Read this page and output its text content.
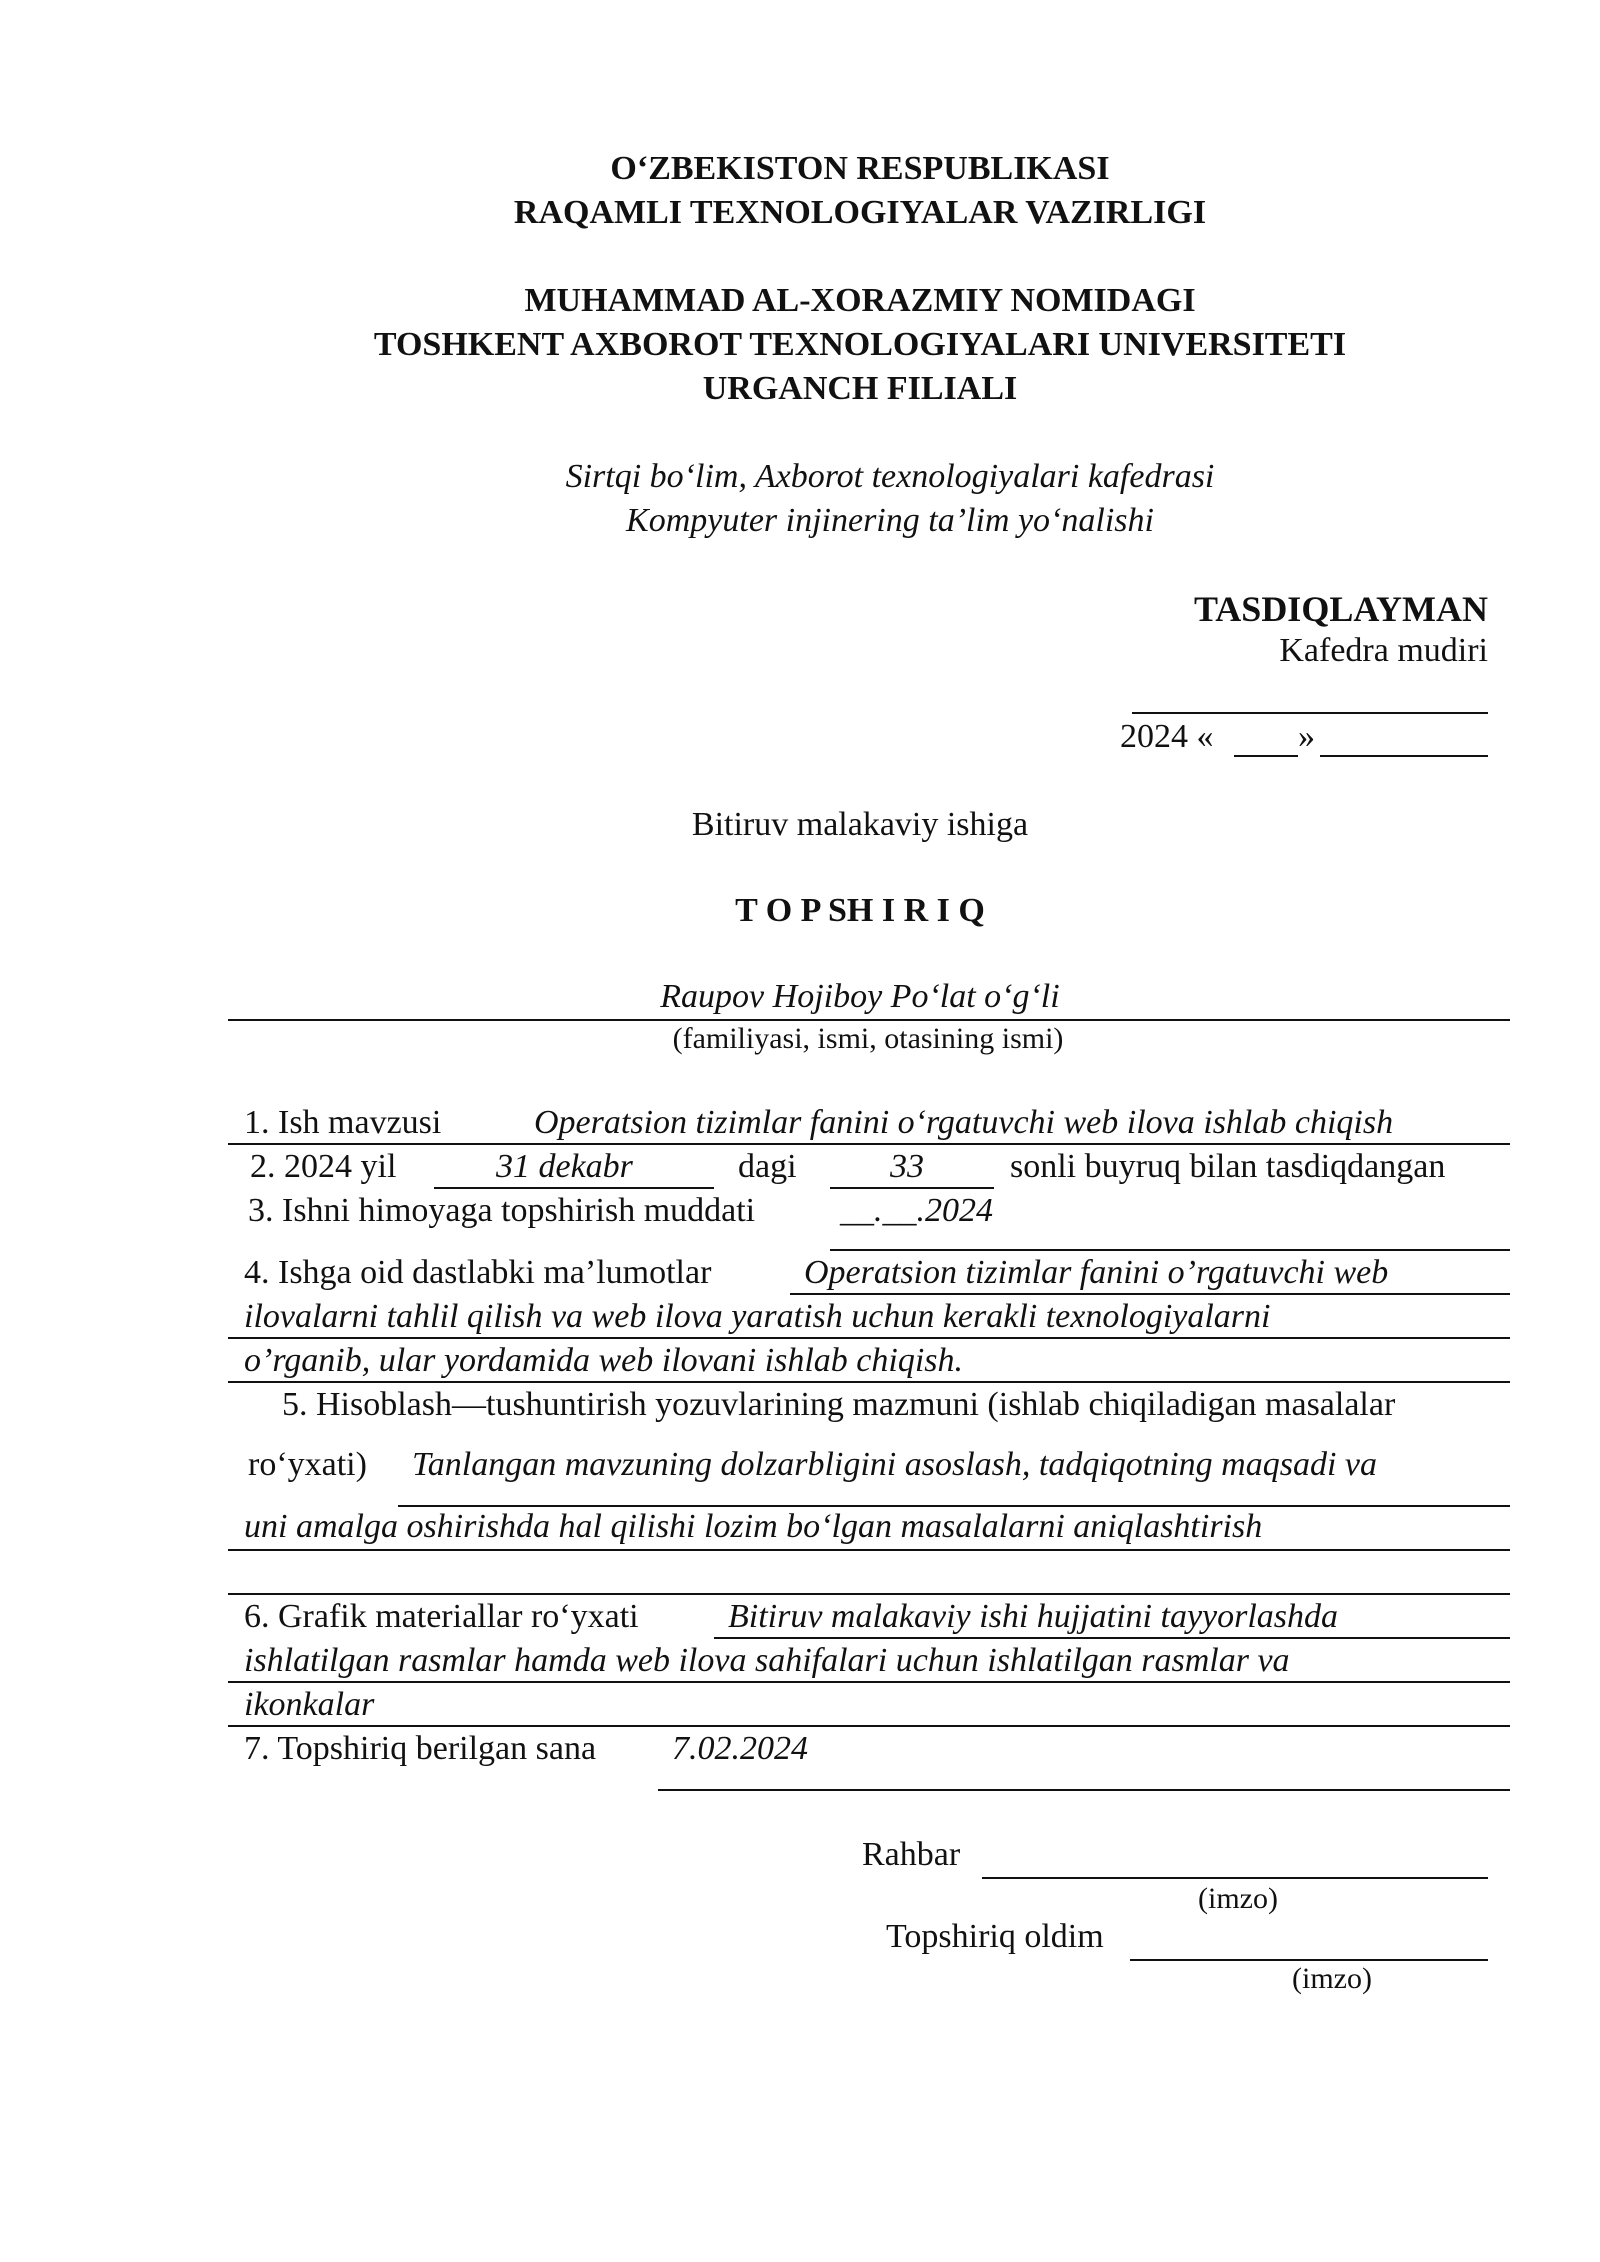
O‘ZBEKISTON RESPUBLIKASI
RAQAMLI TEXNOLOGIYALAR VAZIRLIGI
MUHAMMAD AL-XORAZMIY NOMIDAGI
TOSHKENT AXBOROT TEXNOLOGIYALARI UNIVERSITETI
URGANCH FILIALI
Sirtqi bo‘lim, Axborot texnologiyalari kafedrasi
Kompyuter injinering ta’lim yo‘nalishi
TASDIQLAYMAN
Kafedra mudiri
2024 « »
Bitiruv malakaviy ishiga
T O P SH I R I Q
Raupov Hojiboy Po‘lat o‘g‘li
(familiyasi, ismi, otasining ismi)
1. Ish mavzusi	Operatsion tizimlar fanini o‘rgatuvchi web ilova ishlab chiqish
2. 2024 yil	31 dekabr	dagi	33	sonli buyruq bilan tasdiqdangan
3. Ishni himoyaga topshirish muddati __.__.2024
4. Ishga oid dastlabki ma’lumotlar	Operatsion tizimlar fanini o’rgatuvchi web
ilovalarni tahlil qilish va web ilova yaratish uchun kerakli texnologiyalarni
o’rganib, ular yordamida web ilovani ishlab chiqish.
5. Hisoblash—tushuntirish yozuvlarining mazmuni (ishlab chiqiladigan masalalar
ro‘yxati) Tanlangan mavzuning dolzarbligini asoslash, tadqiqotning maqsadi va
uni amalga oshirishda hal qilishi lozim bo‘lgan masalalarni aniqlashtirish
6. Grafik materiallar ro‘yxati	Bitiruv malakaviy ishi hujjatini tayyorlashda
ishlatilgan rasmlar hamda web ilova sahifalari uchun ishlatilgan rasmlar va
ikonkalar
7. Topshiriq berilgan sana 7.02.2024
Rahbar
(imzo)
Topshiriq oldim
(imzo)
